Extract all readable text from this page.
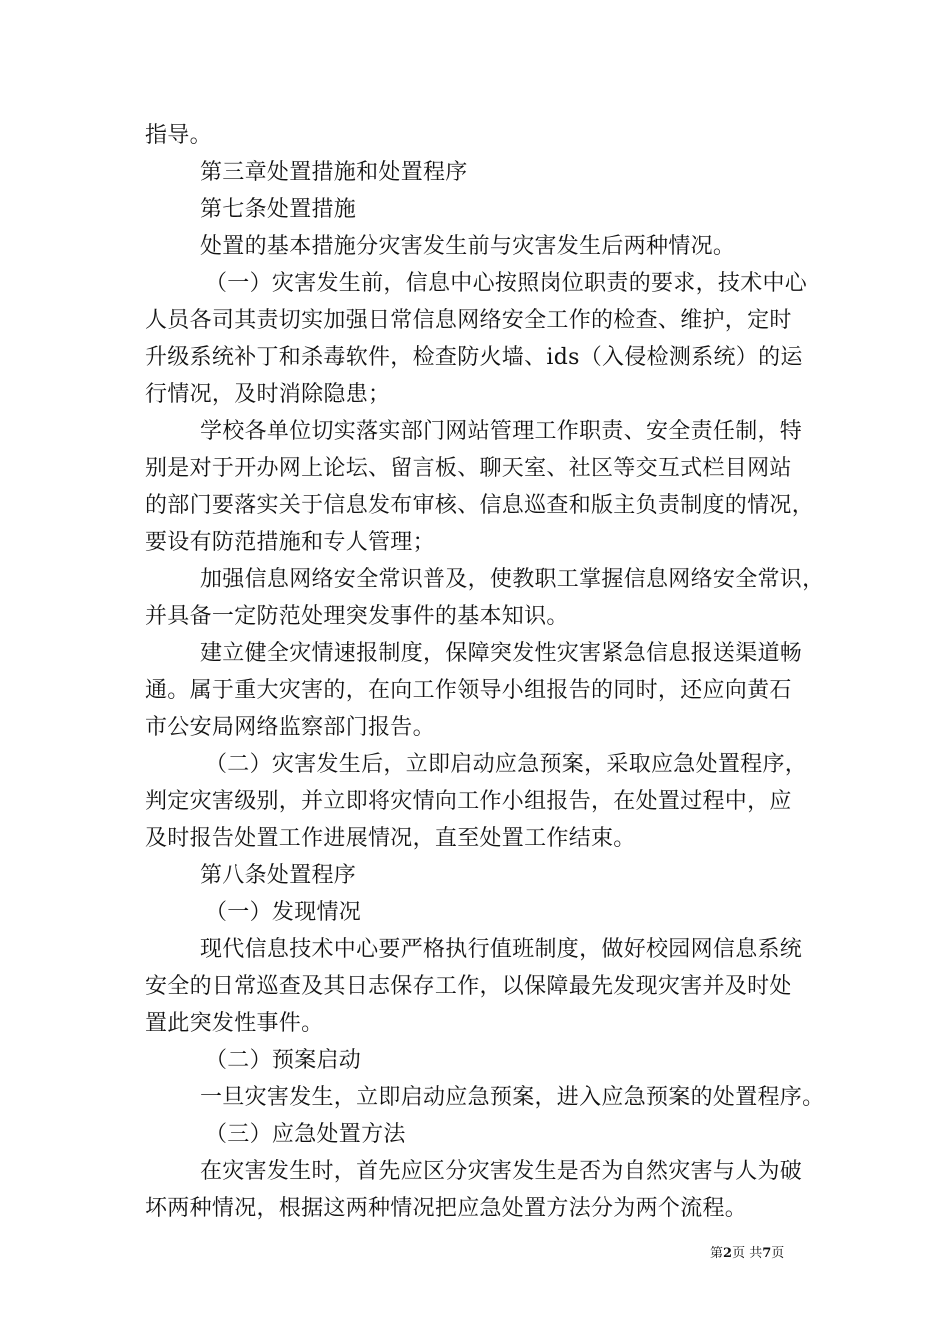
指导。
第三章处置措施和处置程序
第七条处置措施
处置的基本措施分灾害发生前与灾害发生后两种情况。
（一）灾害发生前，信息中心按照岗位职责的要求，技术中心
人员各司其责切实加强日常信息网络安全工作的检查、维护，定时
升级系统补丁和杀毒软件，检查防火墙、ids（入侵检测系统）的运
行情况，及时消除隐患；
学校各单位切实落实部门网站管理工作职责、安全责任制，特
别是对于开办网上论坛、留言板、聊天室、社区等交互式栏目网站
的部门要落实关于信息发布审核、信息巡查和版主负责制度的情况，
要设有防范措施和专人管理；
加强信息网络安全常识普及，使教职工掌握信息网络安全常识，
并具备一定防范处理突发事件的基本知识。
建立健全灾情速报制度，保障突发性灾害紧急信息报送渠道畅
通。属于重大灾害的，在向工作领导小组报告的同时，还应向黄石
市公安局网络监察部门报告。
（二）灾害发生后，立即启动应急预案，采取应急处置程序，
判定灾害级别，并立即将灾情向工作小组报告，在处置过程中，应
及时报告处置工作进展情况，直至处置工作结束。
第八条处置程序
（一）发现情况
现代信息技术中心要严格执行值班制度，做好校园网信息系统
安全的日常巡查及其日志保存工作，以保障最先发现灾害并及时处
置此突发性事件。
（二）预案启动
一旦灾害发生，立即启动应急预案，进入应急预案的处置程序。
（三）应急处置方法
在灾害发生时，首先应区分灾害发生是否为自然灾害与人为破
坏两种情况，根据这两种情况把应急处置方法分为两个流程。
第2页 共7页
